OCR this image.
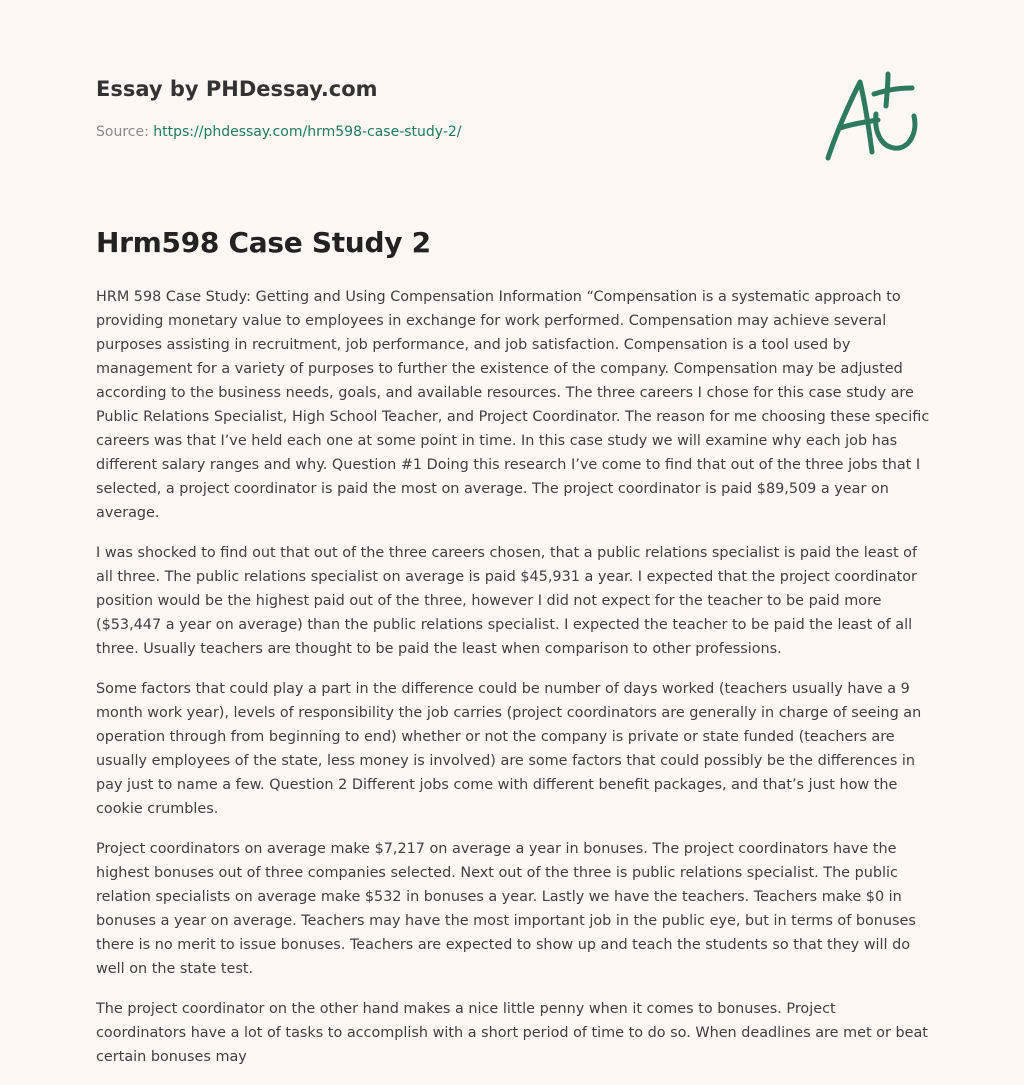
Essay by PHDessay.com

Source: https://phdessay.com/hrm598-case-study-2/

Hrm598 Case Study 2

HRM 598 Case Study: Getting and Using Compensation Information “Compensation is a systematic approach to providing monetary value to employees in exchange for work performed. Compensation may achieve several purposes assisting in recruitment, job performance, and job satisfaction. Compensation is a tool used by management for a variety of purposes to further the existence of the company. Compensation may be adjusted according to the business needs, goals, and available resources. The three careers I chose for this case study are Public Relations Specialist, High School Teacher, and Project Coordinator. The reason for me choosing these specific careers was that I’ve held each one at some point in time. In this case study we will examine why each job has different salary ranges and why. Question #1 Doing this research I’ve come to find that out of the three jobs that I selected, a project coordinator is paid the most on average. The project coordinator is paid $89,509 a year on average.

I was shocked to find out that out of the three careers chosen, that a public relations specialist is paid the least of all three. The public relations specialist on average is paid $45,931 a year. I expected that the project coordinator position would be the highest paid out of the three, however I did not expect for the teacher to be paid more ($53,447 a year on average) than the public relations specialist. I expected the teacher to be paid the least of all three. Usually teachers are thought to be paid the least when comparison to other professions.

Some factors that could play a part in the difference could be number of days worked (teachers usually have a 9 month work year), levels of responsibility the job carries (project coordinators are generally in charge of seeing an operation through from beginning to end) whether or not the company is private or state funded (teachers are usually employees of the state, less money is involved) are some factors that could possibly be the differences in pay just to name a few. Question 2 Different jobs come with different benefit packages, and that’s just how the cookie crumbles.

Project coordinators on average make $7,217 on average a year in bonuses. The project coordinators have the highest bonuses out of three companies selected. Next out of the three is public relations specialist. The public relation specialists on average make $532 in bonuses a year. Lastly we have the teachers. Teachers make $0 in bonuses a year on average. Teachers may have the most important job in the public eye, but in terms of bonuses there is no merit to issue bonuses. Teachers are expected to show up and teach the students so that they will do well on the state test.

The project coordinator on the other hand makes a nice little penny when it comes to bonuses. Project coordinators have a lot of tasks to accomplish with a short period of time to do so. When deadlines are met or beat certain bonuses may
